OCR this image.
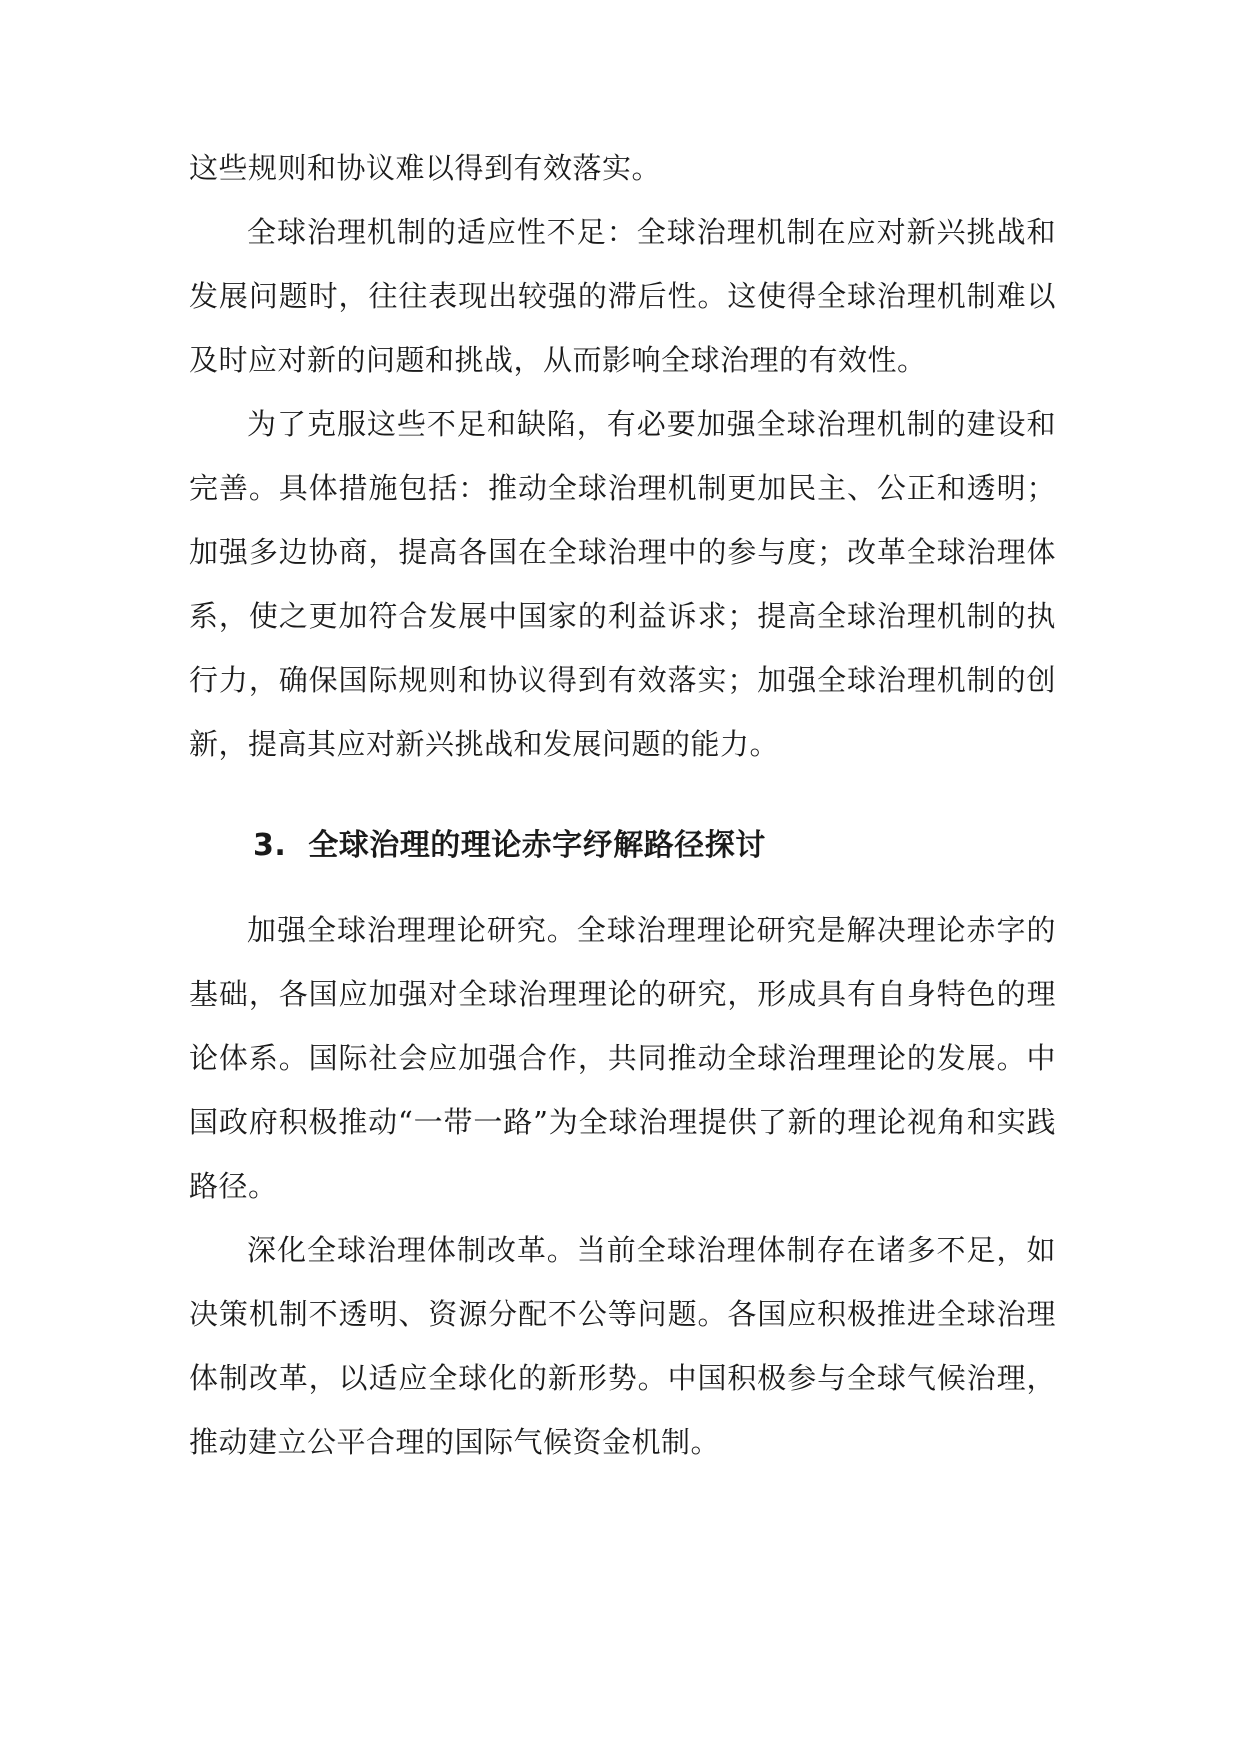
这些规则和协议难以得到有效落实。

全球治理机制的适应性不足：全球治理机制在应对新兴挑战和发展问题时，往往表现出较强的滞后性。这使得全球治理机制难以及时应对新的问题和挑战，从而影响全球治理的有效性。

为了克服这些不足和缺陷，有必要加强全球治理机制的建设和完善。具体措施包括：推动全球治理机制更加民主、公正和透明；加强多边协商，提高各国在全球治理中的参与度；改革全球治理体系，使之更加符合发展中国家的利益诉求；提高全球治理机制的执行力，确保国际规则和协议得到有效落实；加强全球治理机制的创新，提高其应对新兴挑战和发展问题的能力。

3. 全球治理的理论赤字纾解路径探讨

加强全球治理理论研究。全球治理理论研究是解决理论赤字的基础，各国应加强对全球治理理论的研究，形成具有自身特色的理论体系。国际社会应加强合作，共同推动全球治理理论的发展。中国政府积极推动“一带一路”为全球治理提供了新的理论视角和实践路径。

深化全球治理体制改革。当前全球治理体制存在诸多不足，如决策机制不透明、资源分配不公等问题。各国应积极推进全球治理体制改革，以适应全球化的新形势。中国积极参与全球气候治理，推动建立公平合理的国际气候资金机制。
